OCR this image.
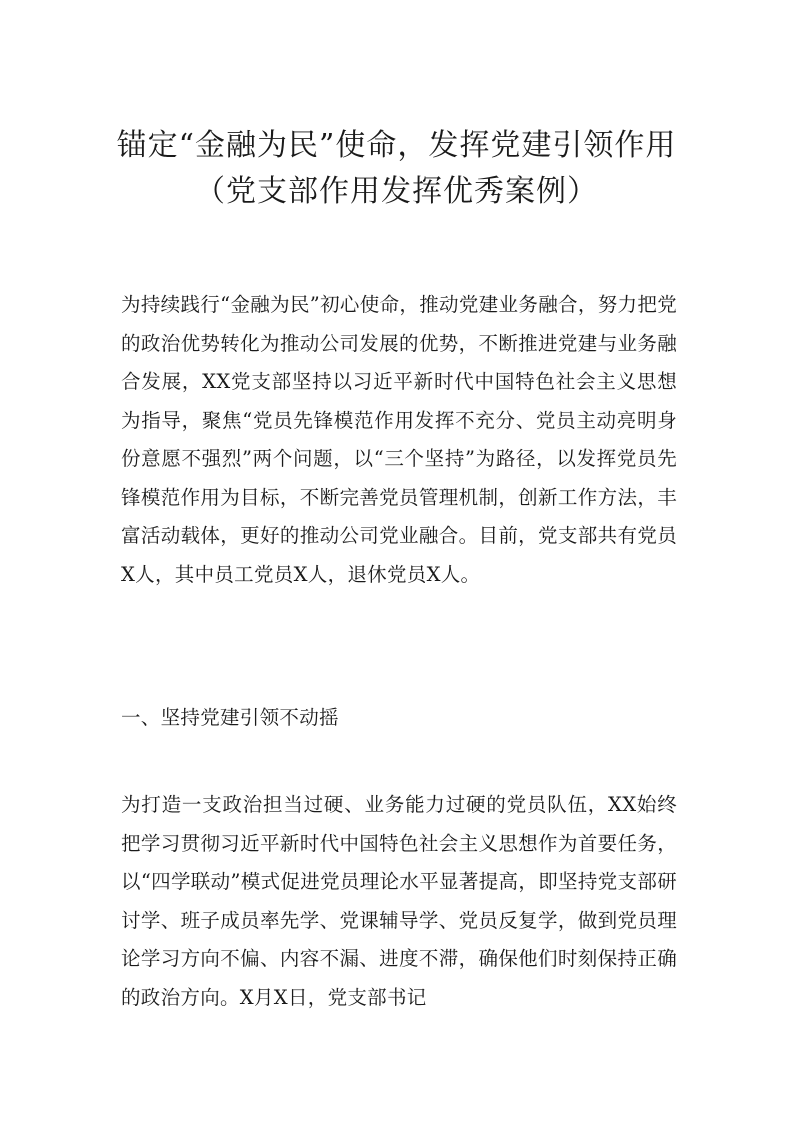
锚定“金融为民”使命，发挥党建引领作用
（党支部作用发挥优秀案例）

为持续践行“金融为民”初心使命，推动党建业务融合，努力把党的政治优势转化为推动公司发展的优势，不断推进党建与业务融合发展，XX党支部坚持以习近平新时代中国特色社会主义思想为指导，聚焦“党员先锋模范作用发挥不充分、党员主动亮明身份意愿不强烈”两个问题，以“三个坚持”为路径，以发挥党员先锋模范作用为目标，不断完善党员管理机制，创新工作方法，丰富活动载体，更好的推动公司党业融合。目前，党支部共有党员X人，其中员工党员X人，退休党员X人。

一、坚持党建引领不动摇

为打造一支政治担当过硬、业务能力过硬的党员队伍，XX始终把学习贯彻习近平新时代中国特色社会主义思想作为首要任务，以“四学联动”模式促进党员理论水平显著提高，即坚持党支部研讨学、班子成员率先学、党课辅导学、党员反复学，做到党员理论学习方向不偏、内容不漏、进度不滞，确保他们时刻保持正确的政治方向。X月X日，党支部书记
